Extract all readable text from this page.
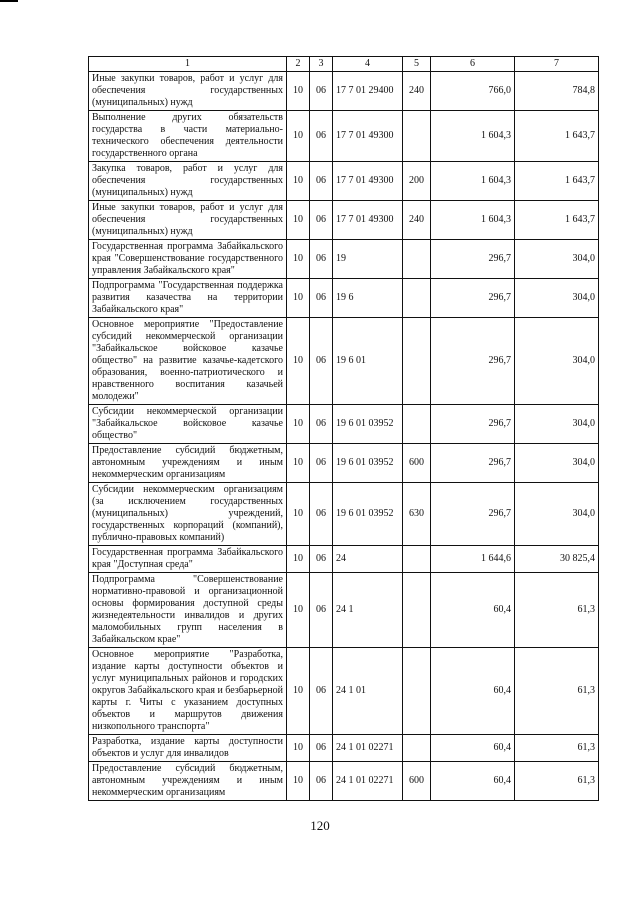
1	2	3	4	5	6	7
Иные закупки товаров, работ и услуг для обеспечения государственных (муниципальных) нужд	10	06	17 7 01 29400	240	766,0	784,8
Выполнение других обязательств государства в части материально-технического обеспечения деятельности государственного органа	10	06	17 7 01 49300		1 604,3	1 643,7
Закупка товаров, работ и услуг для обеспечения государственных (муниципальных) нужд	10	06	17 7 01 49300	200	1 604,3	1 643,7
Иные закупки товаров, работ и услуг для обеспечения государственных (муниципальных) нужд	10	06	17 7 01 49300	240	1 604,3	1 643,7
Государственная программа Забайкальского края "Совершенствование государственного управления Забайкальского края"	10	06	19		296,7	304,0
Подпрограмма "Государственная поддержка развития казачества на территории Забайкальского края"	10	06	19 6		296,7	304,0
Основное мероприятие "Предоставление субсидий некоммерческой организации "Забайкальское войсковое казачье общество" на развитие казачье-кадетского образования, военно-патриотического и нравственного воспитания казачьей молодежи"	10	06	19 6 01		296,7	304,0
Субсидии некоммерческой организации "Забайкальское войсковое казачье общество"	10	06	19 6 01 03952		296,7	304,0
Предоставление субсидий бюджетным, автономным учреждениям и иным некоммерческим организациям	10	06	19 6 01 03952	600	296,7	304,0
Субсидии некоммерческим организациям (за исключением государственных (муниципальных) учреждений, государственных корпораций (компаний), публично-правовых компаний)	10	06	19 6 01 03952	630	296,7	304,0
Государственная программа Забайкальского края "Доступная среда"	10	06	24		1 644,6	30 825,4
Подпрограмма "Совершенствование нормативно-правовой и организационной основы формирования доступной среды жизнедеятельности инвалидов и других маломобильных групп населения в Забайкальском крае"	10	06	24 1		60,4	61,3
Основное мероприятие "Разработка, издание карты доступности объектов и услуг муниципальных районов и городских округов Забайкальского края и безбарьерной карты г. Читы с указанием доступных объектов и маршрутов движения низкопольного транспорта"	10	06	24 1 01		60,4	61,3
Разработка, издание карты доступности объектов и услуг для инвалидов	10	06	24 1 01 02271		60,4	61,3
Предоставление субсидий бюджетным, автономным учреждениям и иным некоммерческим организациям	10	06	24 1 01 02271	600	60,4	61,3
120
